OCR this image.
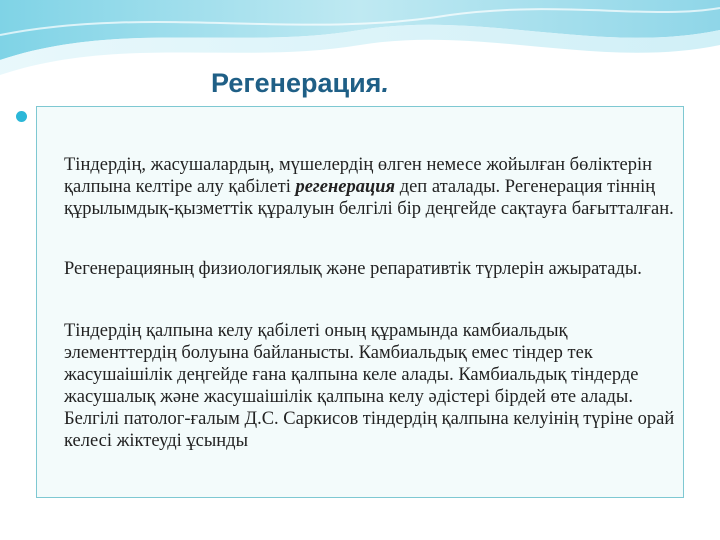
Регенерация.

Тіндердің, жасушалардың, мүшелердің өлген немесе жойылған бөліктерін қалпына келтіре алу қабілеті регенерация деп аталады. Регенерация тіннің құрылымдық-қызметтік құралуын белгілі бір деңгейде сақтауға бағытталған.

Регенерацияның физиологиялық және репаративтік түрлерін ажыратады.

Тіндердің қалпына келу қабілеті оның құрамында камбиальдық элементтердің болуына байланысты. Камбиальдық емес тіндер тек жасушаішілік деңгейде ғана қалпына келе алады. Камбиальдық тіндерде жасушалық және жасушаішілік қалпына келу әдістері бірдей өте алады. Белгілі патолог-ғалым Д.С. Саркисов тіндердің қалпына келуінің түріне орай келесі жіктеуді ұсынды
